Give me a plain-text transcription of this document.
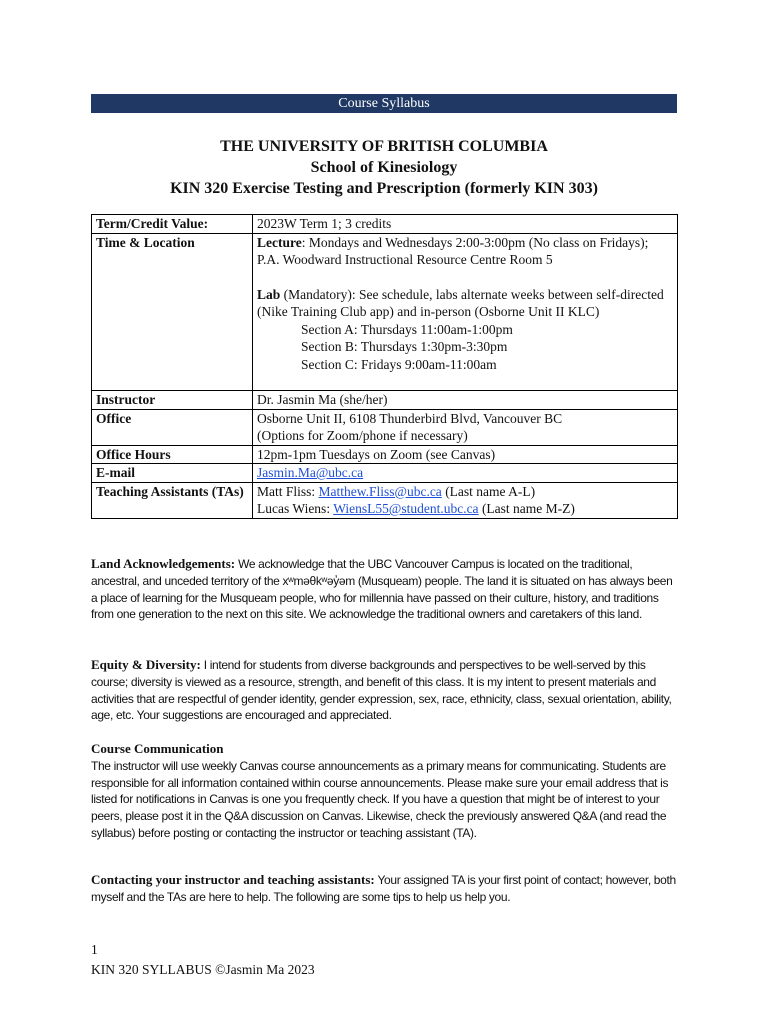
Course Syllabus
THE UNIVERSITY OF BRITISH COLUMBIA
School of Kinesiology
KIN 320 Exercise Testing and Prescription (formerly KIN 303)
Term/Credit Value:	2023W Term 1; 3 credits
Time & Location	Lecture: Mondays and Wednesdays 2:00-3:00pm (No class on Fridays); P.A. Woodward Instructional Resource Centre Room 5
Lab (Mandatory): See schedule, labs alternate weeks between self-directed (Nike Training Club app) and in-person (Osborne Unit II KLC)
Section A: Thursdays 11:00am-1:00pm
Section B: Thursdays 1:30pm-3:30pm
Section C: Fridays 9:00am-11:00am

Instructor	Dr. Jasmin Ma (she/her)
Office	Osborne Unit II, 6108 Thunderbird Blvd, Vancouver BC
(Options for Zoom/phone if necessary)

Office Hours	12pm-1pm Tuesdays on Zoom (see Canvas)
E-mail	Jasmin.Ma@ubc.ca
Teaching Assistants (TAs)	Matt Fliss: Matthew.Fliss@ubc.ca (Last name A-L)
Lucas Wiens: WiensL55@student.ubc.ca (Last name M-Z)
Land Acknowledgements: We acknowledge that the UBC Vancouver Campus is located on the traditional, ancestral, and unceded territory of the xʷməθkʷəy̓əm (Musqueam) people. The land it is situated on has always been a place of learning for the Musqueam people, who for millennia have passed on their culture, history, and traditions from one generation to the next on this site. We acknowledge the traditional owners and caretakers of this land.
Equity & Diversity: I intend for students from diverse backgrounds and perspectives to be well-served by this course; diversity is viewed as a resource, strength, and benefit of this class. It is my intent to present materials and activities that are respectful of gender identity, gender expression, sex, race, ethnicity, class, sexual orientation, ability, age, etc. Your suggestions are encouraged and appreciated.
Course Communication
The instructor will use weekly Canvas course announcements as a primary means for communicating. Students are responsible for all information contained within course announcements. Please make sure your email address that is listed for notifications in Canvas is one you frequently check. If you have a question that might be of interest to your peers, please post it in the Q&A discussion on Canvas. Likewise, check the previously answered Q&A (and read the syllabus) before posting or contacting the instructor or teaching assistant (TA).
Contacting your instructor and teaching assistants: Your assigned TA is your first point of contact; however, both myself and the TAs are here to help. The following are some tips to help us help you.
1
KIN 320 SYLLABUS ©Jasmin Ma 2023
